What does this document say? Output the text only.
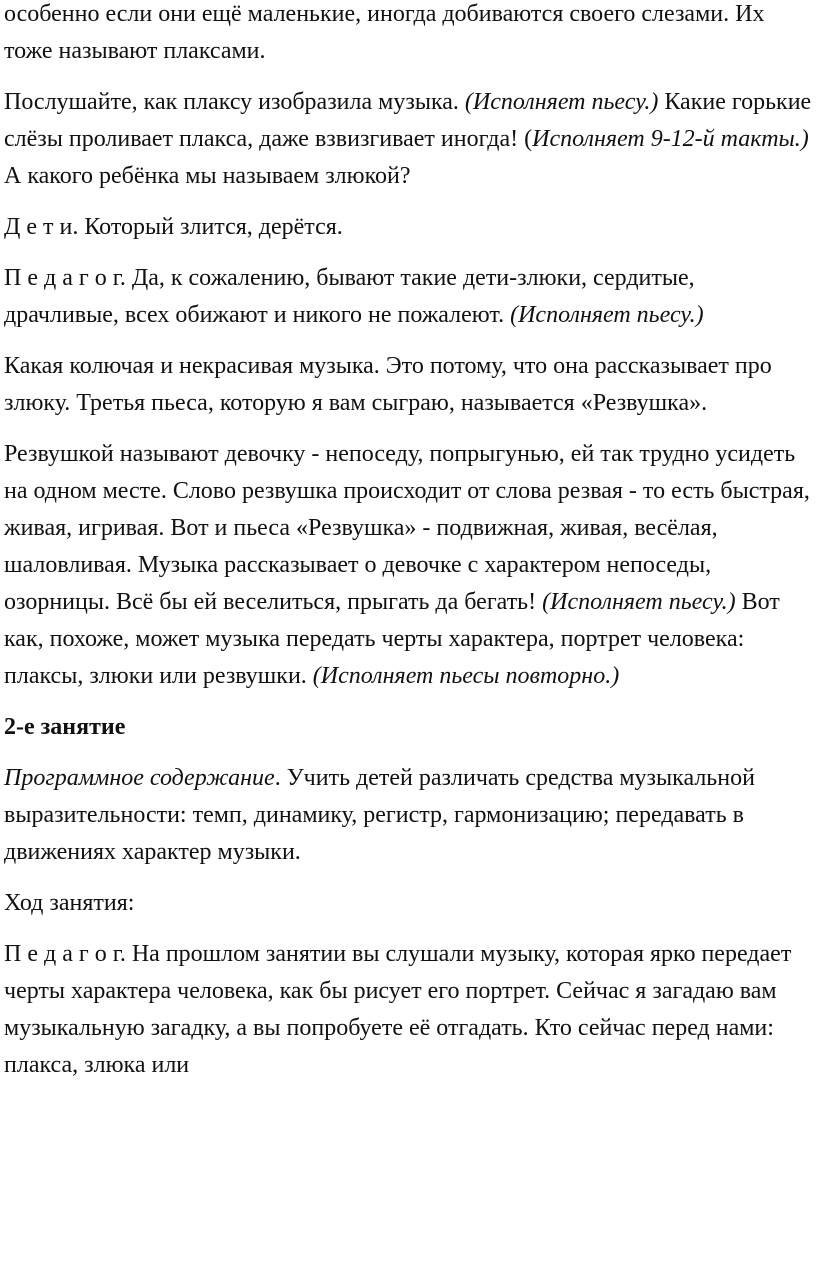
особенно если они ещё маленькие, иногда добиваются своего слезами. Их тоже называют плаксами.

Послушайте, как плаксу изобразила музыка. (Исполняет пьесу.) Какие горькие слёзы проливает плакса, даже взвизгивает иногда! (Исполняет 9-12-й такты.) А какого ребёнка мы называем злюкой?

Д е т и. Который злится, дерётся.

П е д а г о г. Да, к сожалению, бывают такие дети-злюки, сердитые, драчливые, всех обижают и никого не пожалеют. (Исполняет пьесу.)

Какая колючая и некрасивая музыка. Это потому, что она рассказывает про злюку. Третья пьеса, которую я вам сыграю, называется «Резвушка».

Резвушкой называют девочку - непоседу, попрыгунью, ей так трудно усидеть на одном месте. Слово резвушка происходит от слова резвая - то есть быстрая, живая, игривая. Вот и пьеса «Резвушка» - подвижная, живая, весёлая, шаловливая. Музыка рассказывает о девочке с характером непоседы, озорницы. Всё бы ей веселиться, прыгать да бегать! (Исполняет пьесу.) Вот как, похоже, может музыка передать черты характера, портрет человека: плаксы, злюки или резвушки. (Исполняет пьесы повторно.)

2-е занятие

Программное содержание. Учить детей различать средства музыкальной выразительности: темп, динамику, регистр, гармонизацию; передавать в движениях характер музыки.

Ход занятия:

П е д а г о г. На прошлом занятии вы слушали музыку, которая ярко передает черты характера человека, как бы рисует его портрет. Сейчас я загадаю вам музыкальную загадку, а вы попробуете её отгадать. Кто сейчас перед нами: плакса, злюка или
